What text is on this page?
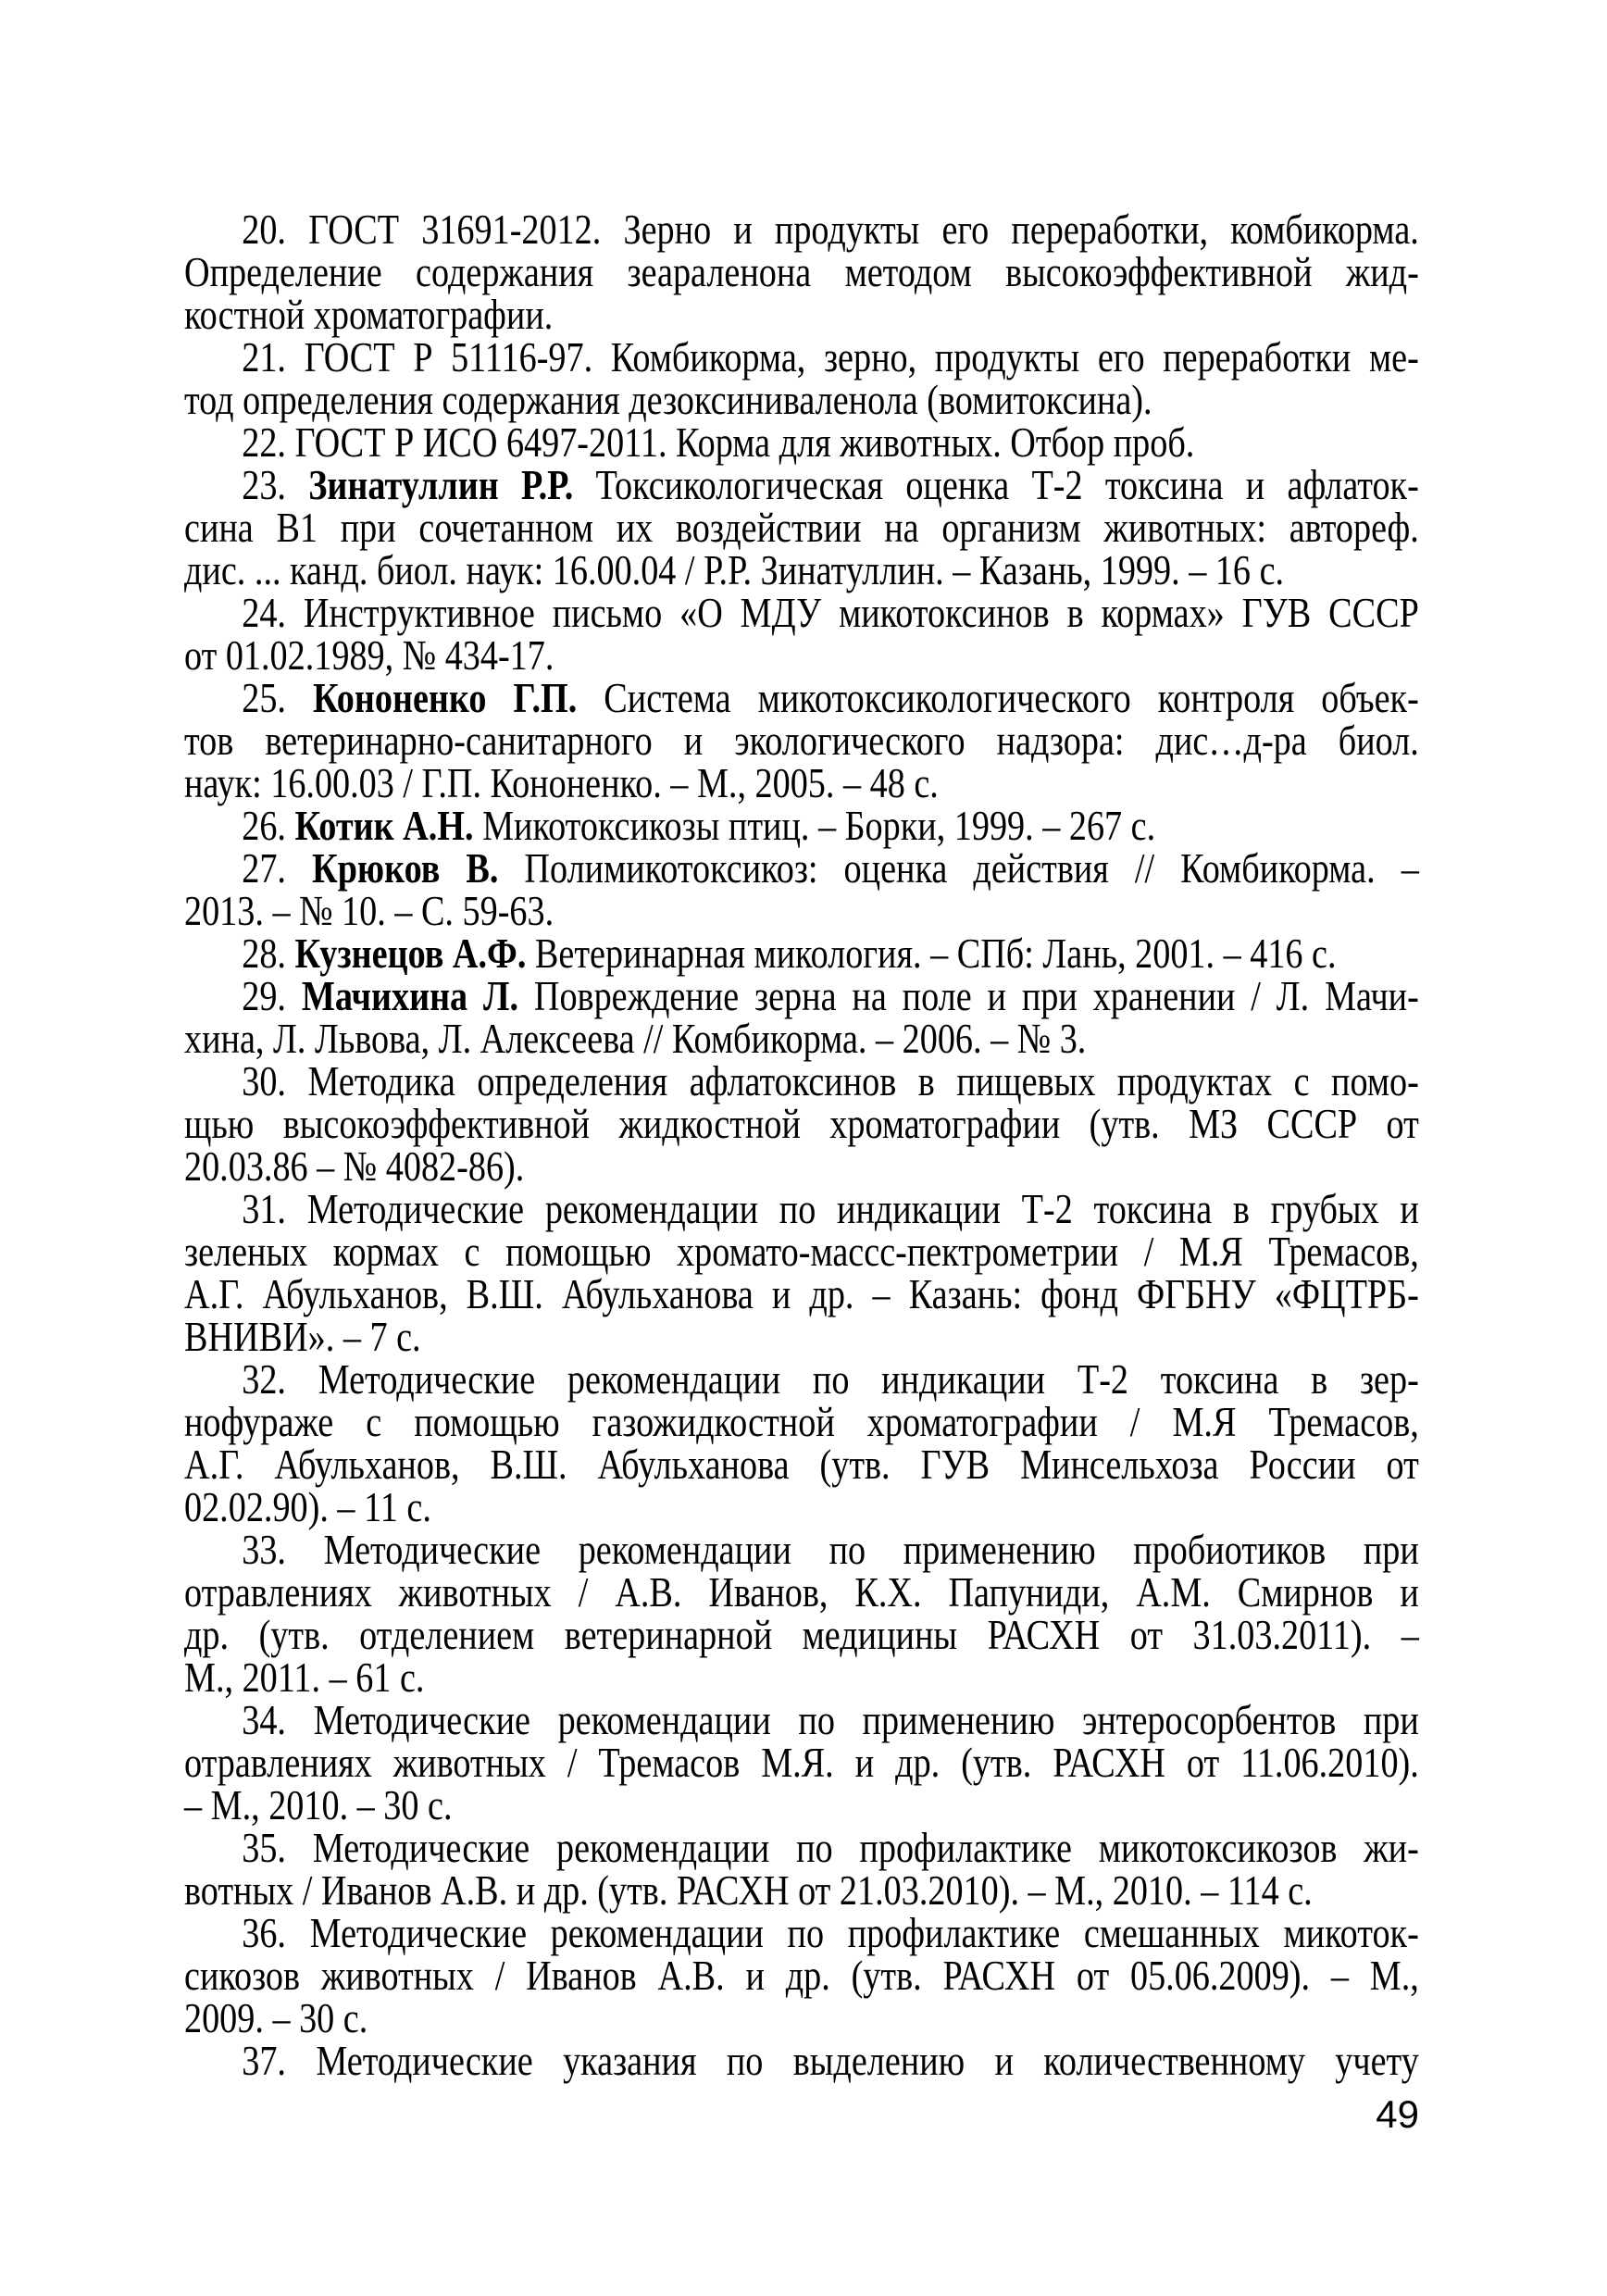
20. ГОСТ 31691-2012. Зерно и продукты его переработки, комбикорма.
Определение содержания зеараленона методом высокоэффективной жид-
костной хроматографии.
21. ГОСТ Р 51116-97. Комбикорма, зерно, продукты его переработки ме-
тод определения содержания дезоксиниваленола (вомитоксина).
22. ГОСТ Р ИСО 6497-2011. Корма для животных. Отбор проб.
23. Зинатуллин Р.Р. Токсикологическая оценка Т-2 токсина и афлаток-
сина В1 при сочетанном их воздействии на организм животных: автореф.
дис. ... канд. биол. наук: 16.00.04 / Р.Р. Зинатуллин. – Казань, 1999. – 16 с.
24. Инструктивное письмо «О МДУ микотоксинов в кормах» ГУВ СССР
от 01.02.1989, № 434-17.
25. Кононенко Г.П. Система микотоксикологического контроля объек-
тов ветеринарно-санитарного и экологического надзора: дис…д-ра биол.
наук: 16.00.03 / Г.П. Кононенко. – М., 2005. – 48 с.
26. Котик А.Н. Микотоксикозы птиц. – Борки, 1999. – 267 с.
27. Крюков В. Полимикотоксикоз: оценка действия // Комбикорма. –
2013. – № 10. – С. 59-63.
28. Кузнецов А.Ф. Ветеринарная микология. – СПб: Лань, 2001. – 416 с.
29. Мачихина Л. Повреждение зерна на поле и при хранении / Л. Мачи-
хина, Л. Львова, Л. Алексеева // Комбикорма. – 2006. – № 3.
30. Методика определения афлатоксинов в пищевых продуктах с помо-
щью высокоэффективной жидкостной хроматографии (утв. МЗ СССР от
20.03.86 – № 4082-86).
31. Методические рекомендации по индикации Т-2 токсина в грубых и
зеленых кормах с помощью хромато-массс-пектрометрии / М.Я Тремасов,
А.Г. Абульханов, В.Ш. Абульханова и др. – Казань: фонд ФГБНУ «ФЦТРБ-
ВНИВИ». – 7 с.
32. Методические рекомендации по индикации Т-2 токсина в зер-
нофураже с помощью газожидкостной хроматографии / М.Я Тремасов,
А.Г. Абульханов, В.Ш. Абульханова (утв. ГУВ Минсельхоза России от
02.02.90). – 11 с.
33. Методические рекомендации по применению пробиотиков при
отравлениях животных / А.В. Иванов, К.Х. Папуниди, А.М. Смирнов и
др. (утв. отделением ветеринарной медицины РАСХН от 31.03.2011). –
М., 2011. – 61 с.
34. Методические рекомендации по применению энтеросорбентов при
отравлениях животных / Тремасов М.Я. и др. (утв. РАСХН от 11.06.2010).
– М., 2010. – 30 с.
35. Методические рекомендации по профилактике микотоксикозов жи-
вотных / Иванов А.В. и др. (утв. РАСХН от 21.03.2010). – М., 2010. – 114 с.
36. Методические рекомендации по профилактике смешанных микоток-
сикозов животных / Иванов А.В. и др. (утв. РАСХН от 05.06.2009). – М.,
2009. – 30 с.
37. Методические указания по выделению и количественному учету
49
